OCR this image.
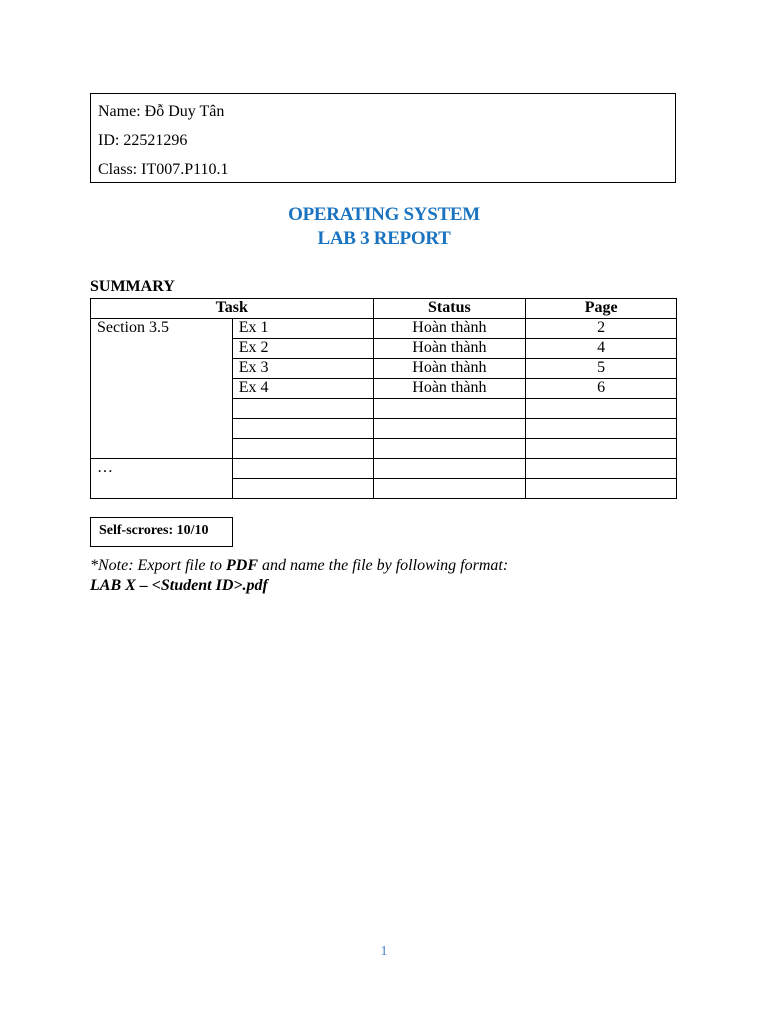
Name: Đỗ Duy Tân
ID: 22521296
Class: IT007.P110.1
OPERATING SYSTEM
LAB 3 REPORT
SUMMARY
Task		Status	Page
Section 3.5	Ex 1	Hoàn thành	2
	Ex 2	Hoàn thành	4
	Ex 3	Hoàn thành	5
	Ex 4	Hoàn thành	6

…			

Self-scrores: 10/10
*Note: Export file to PDF and name the file by following format:
LAB X – <Student ID>.pdf
1
